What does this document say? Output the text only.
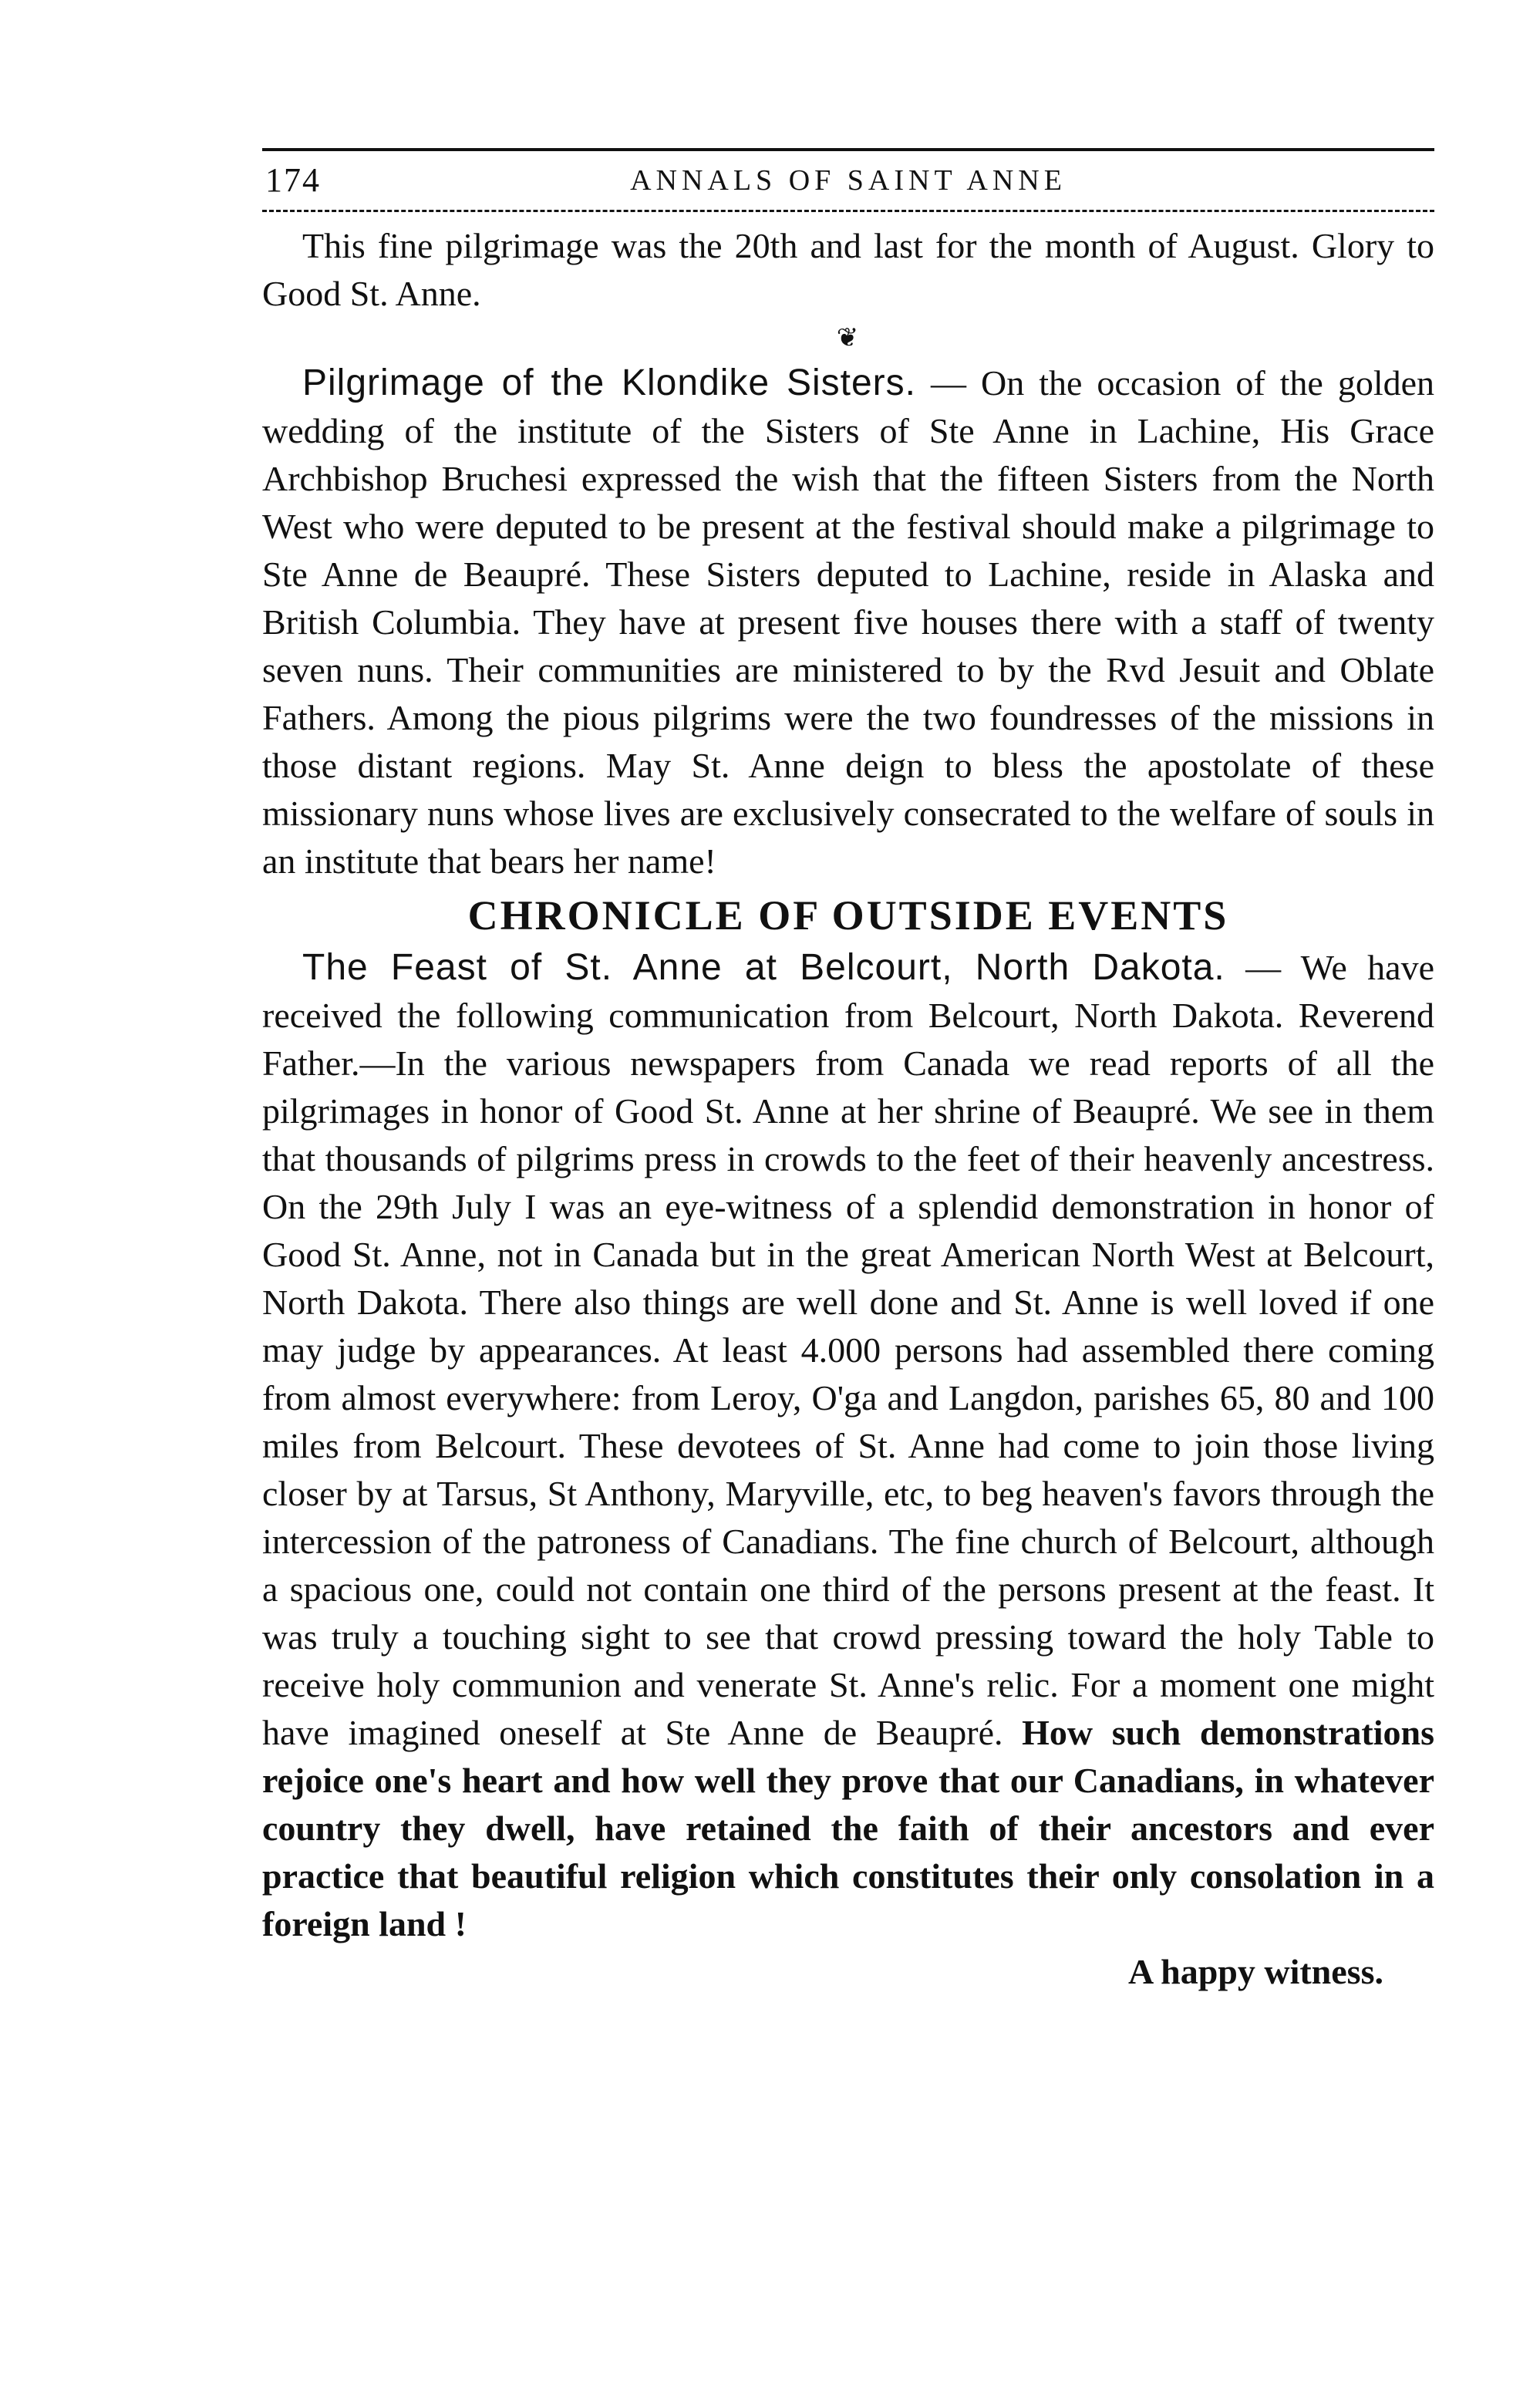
174	ANNALS OF SAINT ANNE

This fine pilgrimage was the 20th and last for the month of August. Glory to Good St. Anne.

❦

Pilgrimage of the Klondike Sisters. — On the occasion of the golden wedding of the institute of the Sisters of Ste Anne in Lachine, His Grace Archbishop Bruchesi expressed the wish that the fifteen Sisters from the North West who were deputed to be present at the festival should make a pilgrimage to Ste Anne de Beaupré. These Sisters deputed to Lachine, reside in Alaska and British Columbia. They have at present five houses there with a staff of twenty seven nuns. Their communities are ministered to by the Rvd Jesuit and Oblate Fathers. Among the pious pilgrims were the two foundresses of the missions in those distant regions. May St. Anne deign to bless the apostolate of these missionary nuns whose lives are exclusively consecrated to the welfare of souls in an institute that bears her name!

CHRONICLE OF OUTSIDE EVENTS

The Feast of St. Anne at Belcourt, North Dakota. — We have received the following communication from Belcourt, North Dakota. Reverend Father.—In the various newspapers from Canada we read reports of all the pilgrimages in honor of Good St. Anne at her shrine of Beaupré. We see in them that thousands of pilgrims press in crowds to the feet of their heavenly ancestress. On the 29th July I was an eye-witness of a splendid demonstration in honor of Good St. Anne, not in Canada but in the great American North West at Belcourt, North Dakota. There also things are well done and St. Anne is well loved if one may judge by appearances. At least 4.000 persons had assembled there coming from almost everywhere: from Leroy, O'ga and Langdon, parishes 65, 80 and 100 miles from Belcourt. These devotees of St. Anne had come to join those living closer by at Tarsus, St Anthony, Maryville, etc, to beg heaven's favors through the intercession of the patroness of Canadians. The fine church of Belcourt, although a spacious one, could not contain one third of the persons present at the feast. It was truly a touching sight to see that crowd pressing toward the holy Table to receive holy communion and venerate St. Anne's relic. For a moment one might have imagined oneself at Ste Anne de Beaupré. How such demonstrations rejoice one's heart and how well they prove that our Canadians, in whatever country they dwell, have retained the faith of their ancestors and ever practice that beautiful religion which constitutes their only consolation in a foreign land !

A happy witness.
